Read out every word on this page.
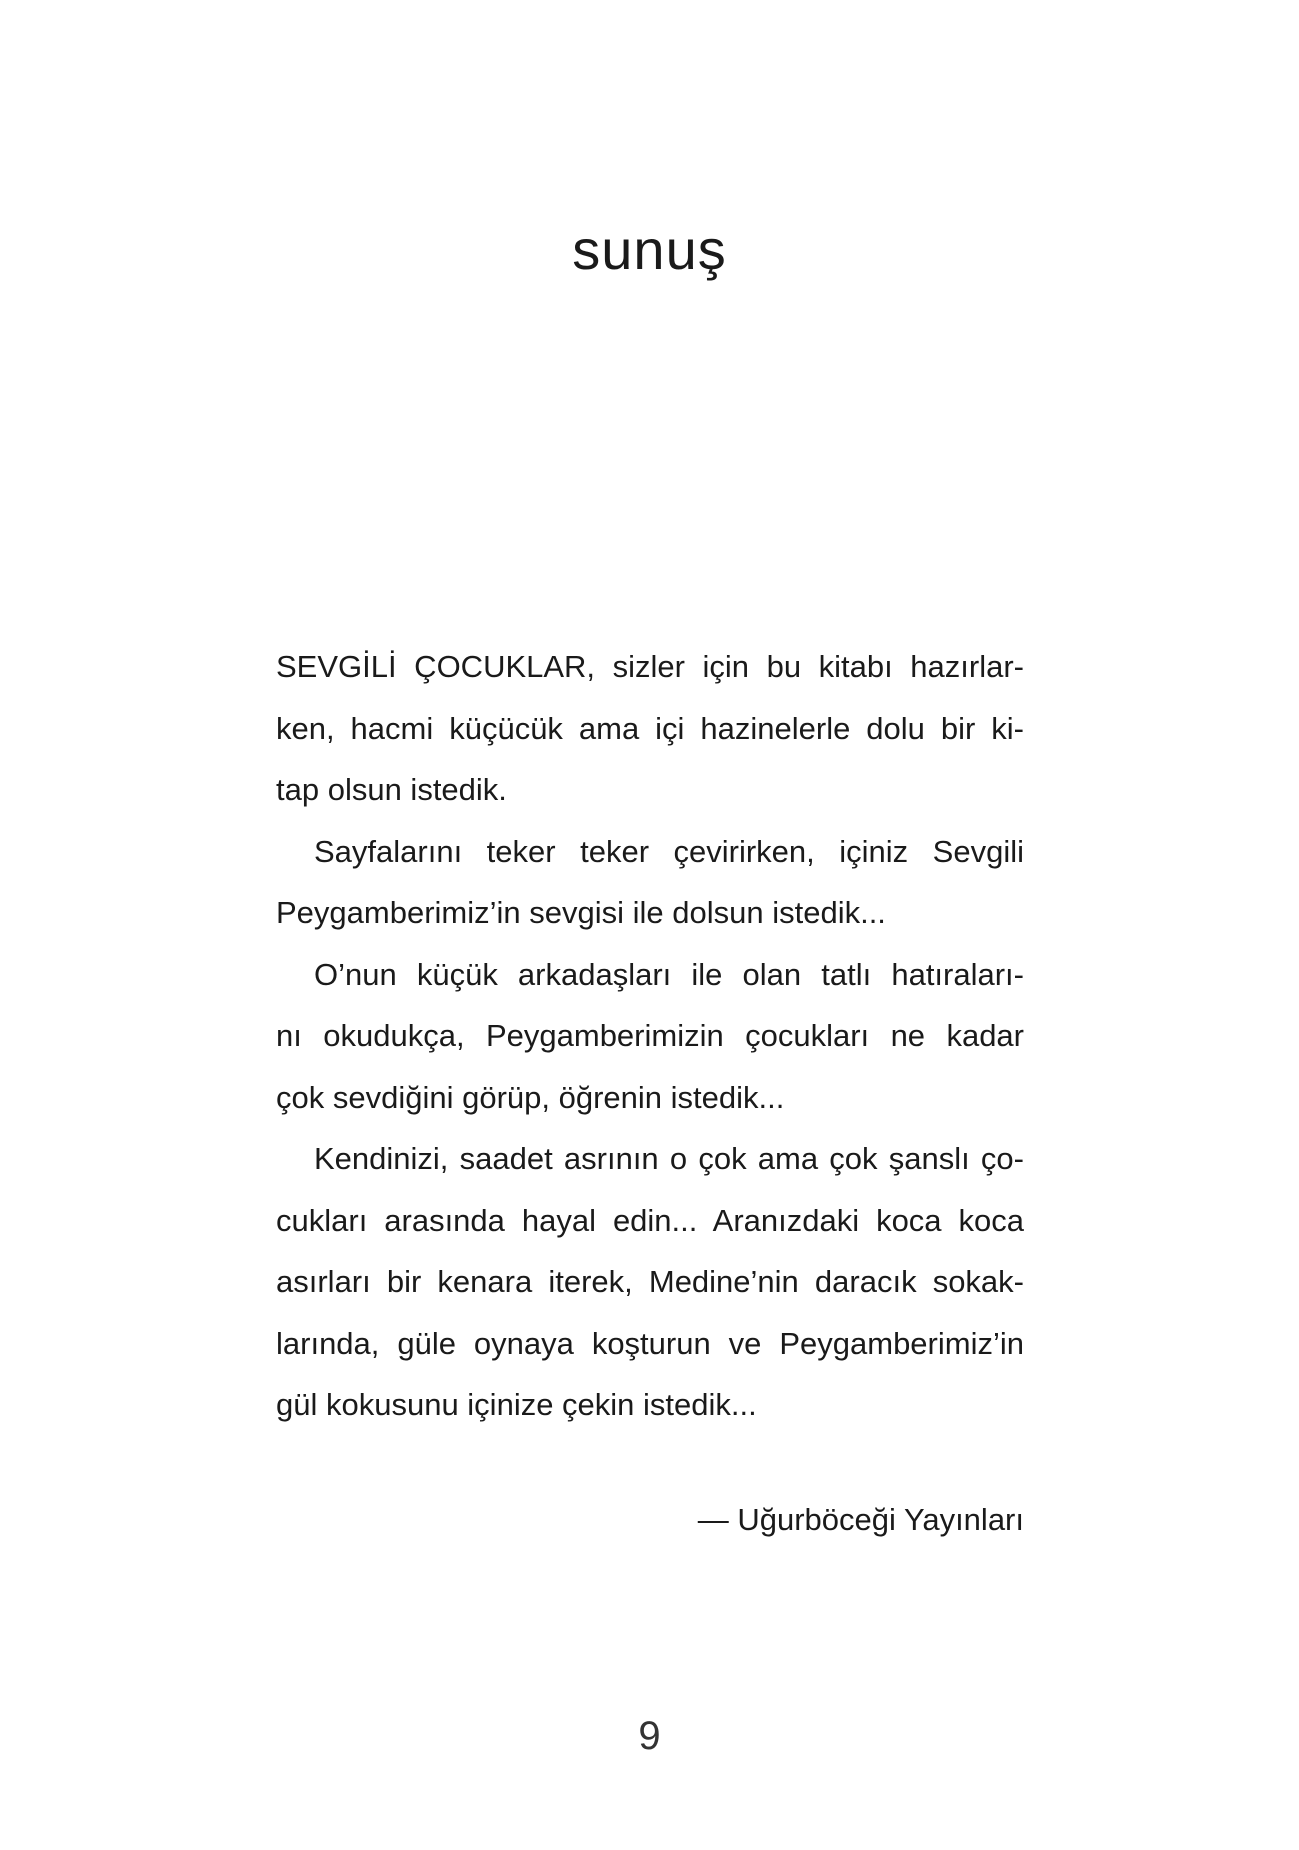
sunuş
SEVGİLİ ÇOCUKLAR, sizler için bu kitabı hazırlar-
ken, hacmi küçücük ama içi hazinelerle dolu bir ki-
tap olsun istedik.
Sayfalarını teker teker çevirirken, içiniz Sevgili
Peygamberimiz’in sevgisi ile dolsun istedik...
O’nun küçük arkadaşları ile olan tatlı hatıraları-
nı okudukça, Peygamberimizin çocukları ne kadar
çok sevdiğini görüp, öğrenin istedik...
Kendinizi, saadet asrının o çok ama çok şanslı ço-
cukları arasında hayal edin... Aranızdaki koca koca
asırları bir kenara iterek, Medine’nin daracık sokak-
larında, güle oynaya koşturun ve Peygamberimiz’in
gül kokusunu içinize çekin istedik...
— Uğurböceği Yayınları
9
